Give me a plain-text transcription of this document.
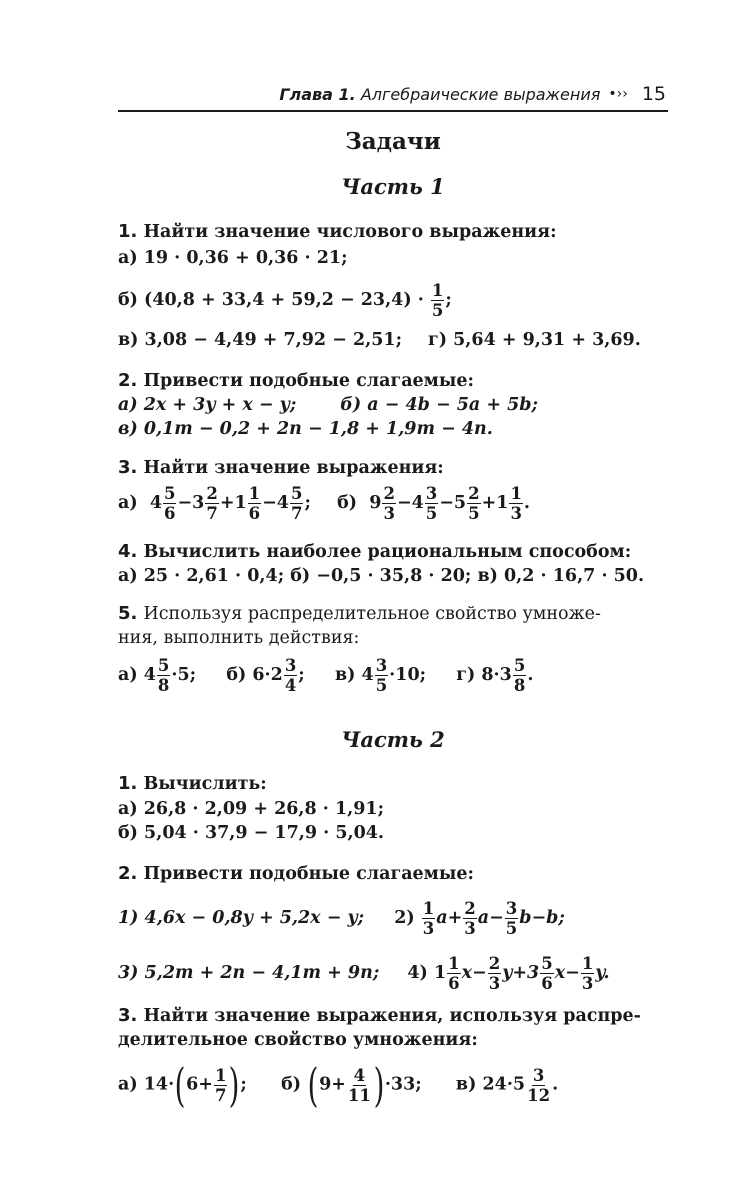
Глава 1.
Алгебраические выражения •›› 15
Задачи
Часть 1
1. Найти значение числового выражения:
а) 19 · 0,36 + 0,36 · 21;
б) $(40,8 + 33,4 + 59,2 - 23,4) \cdot \frac{1}{5}$ ;
в) 3,08 − 4,49 + 7,92 − 2,51; г) 5,64 + 9,31 + 3,69.
2. Привести подобные слагаемые:
а) 2x + 3y + x − y;	б) a − 4b − 5a + 5b;
в) 0,1m − 0,2 + 2n − 1,8 + 1,9m − 4n.
3. Найти значение выражения:
а) $4 \frac{5}{6} -3 \frac{2}{7} +1 \frac{1}{6} -4 \frac{5}{7}$ ; б) $9 \frac{2}{3} -4 \frac{3}{5} -5 \frac{2}{5} +1 \frac{1}{3}$ .
4. Вычислить наиболее рациональным способом:
а) 25 · 2,61 · 0,4; б) −0,5 · 35,8 · 20; в) 0,2 · 16,7 · 50.
5. Используя распределительное свойство умноже-
ния, выполнить действия:
а) $4 \frac{5}{8} \cdot 5$; б) $6\cdot 2 \frac{3}{4}$ ; в) $4 \frac{3}{5} \cdot 10$; г) $8\cdot 3 \frac{5}{8}$ .
Часть 2
1. Вычислить:
а) 26,8 · 2,09 + 26,8 · 1,91;
б) 5,04 · 37,9 − 17,9 · 5,04.
2. Привести подобные слагаемые:
1) 4,6x − 0,8y + 5,2x − y; $2) \frac{1}{3} a+ \frac{2}{3} a- \frac{3}{5} b-b$;
3) 5,2m + 2n − 4,1m + 9n; 4) $1 \frac{1}{6} x- \frac{2}{3} y+3 \frac{5}{6} x- \frac{1}{3} y$.
3. Найти значение выражения, используя распре-
делительное свойство умножения:
а) $14\cdot(6+ \frac{1}{7}$ ); б) $(9+ \frac{4}{11} )\cdot 33$; в) $24\cdot 5 \frac{3}{12}$ .
